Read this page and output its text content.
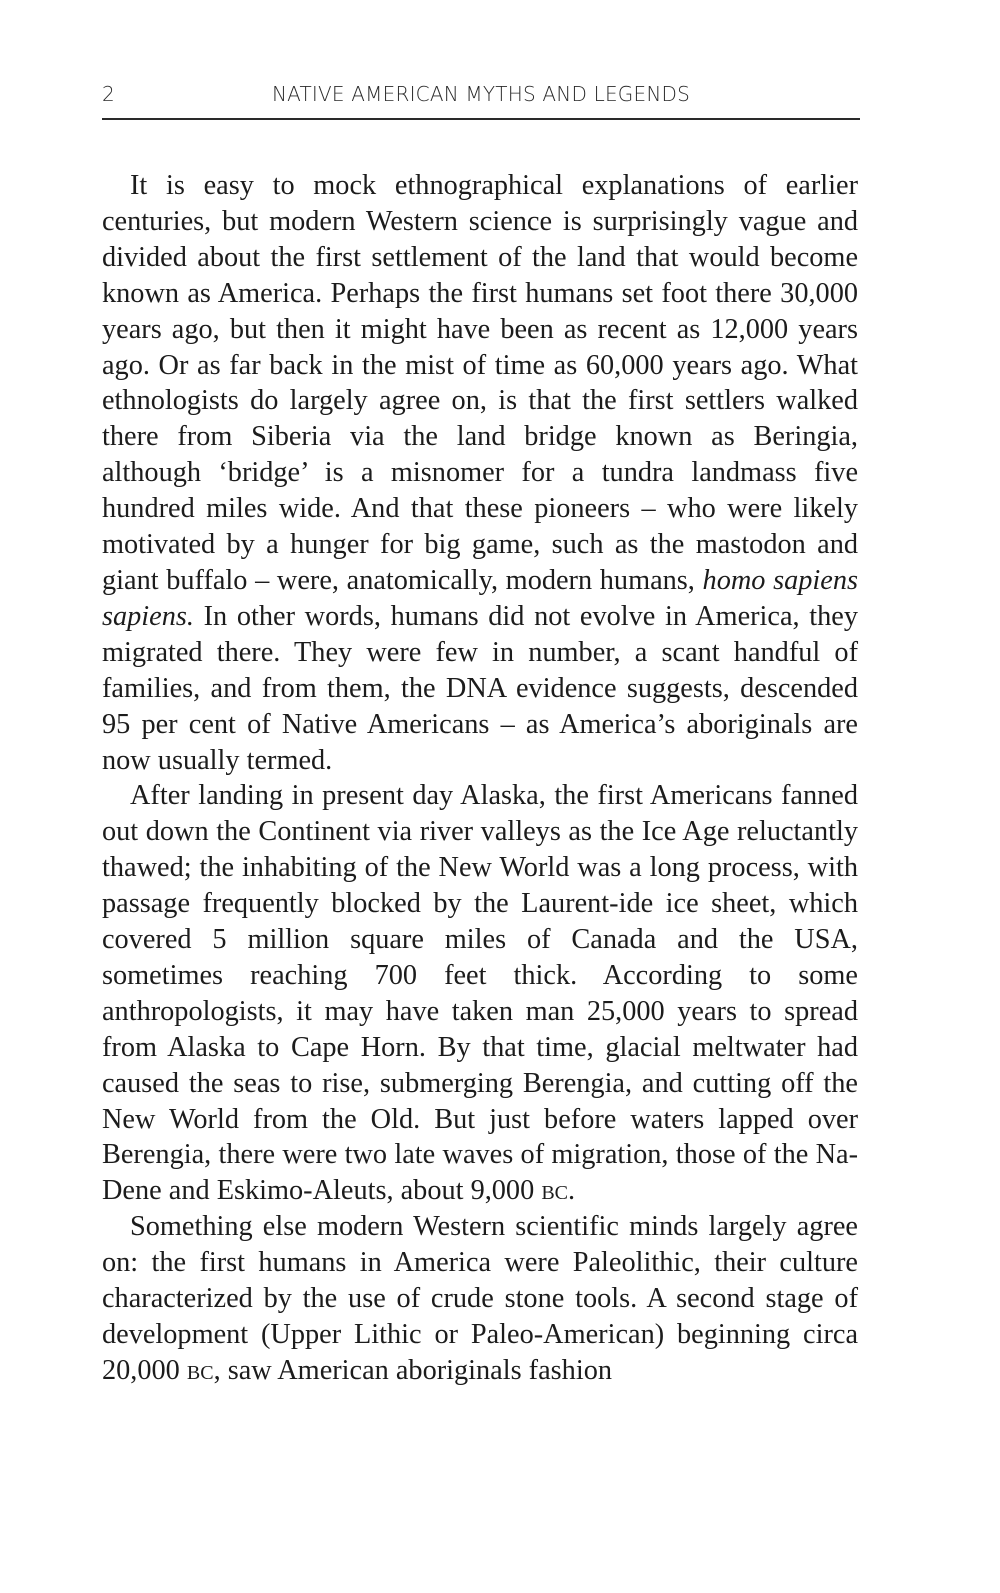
2	NATIVE AMERICAN MYTHS AND LEGENDS

It is easy to mock ethnographical explanations of earlier centuries, but modern Western science is surprisingly vague and divided about the first settlement of the land that would become known as America. Perhaps the first humans set foot there 30,000 years ago, but then it might have been as recent as 12,000 years ago. Or as far back in the mist of time as 60,000 years ago. What ethnologists do largely agree on, is that the first settlers walked there from Siberia via the land bridge known as Beringia, although ‘bridge’ is a misnomer for a tundra landmass five hundred miles wide. And that these pioneers – who were likely motivated by a hunger for big game, such as the mastodon and giant buffalo – were, anatomically, modern humans, homo sapiens sapiens. In other words, humans did not evolve in America, they migrated there. They were few in number, a scant handful of families, and from them, the DNA evidence suggests, descended 95 per cent of Native Americans – as America’s aboriginals are now usually termed.

After landing in present day Alaska, the first Americans fanned out down the Continent via river valleys as the Ice Age reluctantly thawed; the inhabiting of the New World was a long process, with passage frequently blocked by the Laurent-ide ice sheet, which covered 5 million square miles of Canada and the USA, sometimes reaching 700 feet thick. According to some anthropologists, it may have taken man 25,000 years to spread from Alaska to Cape Horn. By that time, glacial meltwater had caused the seas to rise, submerging Berengia, and cutting off the New World from the Old. But just before waters lapped over Berengia, there were two late waves of migration, those of the Na-Dene and Eskimo-Aleuts, about 9,000 bc.

Something else modern Western scientific minds largely agree on: the first humans in America were Paleolithic, their culture characterized by the use of crude stone tools. A second stage of development (Upper Lithic or Paleo-American) beginning circa 20,000 bc, saw American aboriginals fashion
